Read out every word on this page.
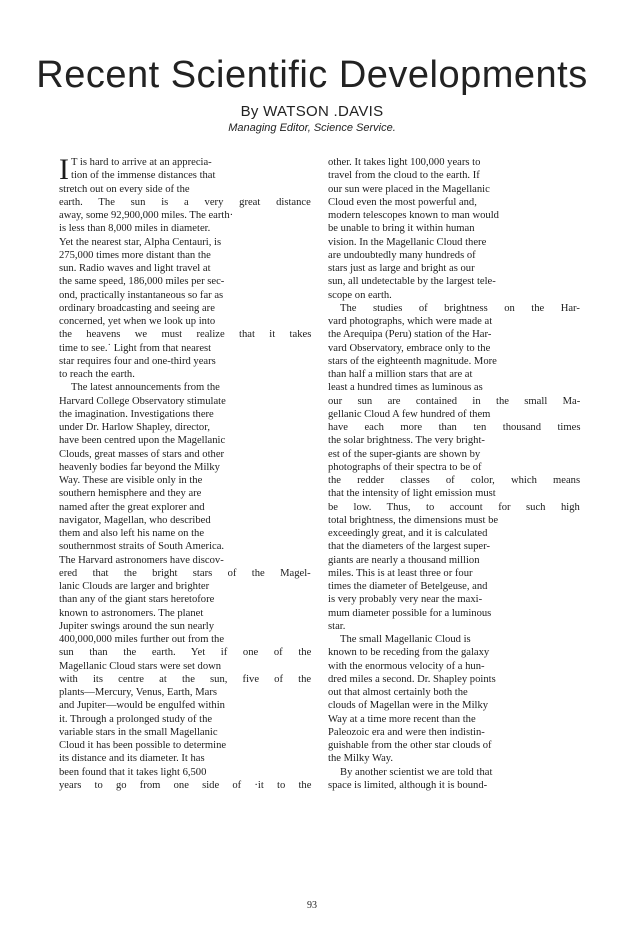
Recent Scientific Developments
By WATSON .DAVIS
Managing Editor, Science Service.
I T is hard to arrive at an apprecia-
tion of the immense distances that
stretch out on every side of the
earth. The sun is a very great distance
away, some 92,900,000 miles. The earth·
is less than 8,000 miles in diameter.
Yet the nearest star, Alpha Centauri, is
275,000 times more distant than the
sun. Radio waves and light travel at
the same speed, 186,000 miles per sec-
ond, practically instantaneous so far as
ordinary broadcasting and seeing are
concerned, yet when we look up into
the heavens we must realize that it takes
time to see.˙ Light from that nearest
star requires four and one-third years
to reach the earth.
The latest announcements from the
Harvard College Observatory stimulate
the imagination. Investigations there
under Dr. Harlow Shapley, director,
have been centred upon the Magellanic
Clouds, great masses of stars and other
heavenly bodies far beyond the Milky
Way. These are visible only in the
southern hemisphere and they are
named after the great explorer and
navigator, Magellan, who described
them and also left his name on the
southernmost straits of South America.
The Harvard astronomers have discov-
ered that the bright stars of the Magel-
lanic Clouds are larger and brighter
than any of the giant stars heretofore
known to astronomers. The planet
Jupiter swings around the sun nearly
400,000,000 miles further out from the
sun than the earth. Yet if one of the
Magellanic Cloud stars were set down
with its centre at the sun, five of the
plants—Mercury, Venus, Earth, Mars
and Jupiter—would be engulfed within
it. Through a prolonged study of the
variable stars in the small Magellanic
Cloud it has been possible to determine
its distance and its diameter. It has
been found that it takes light 6,500
years to go from one side of ·it to the
other. It takes light 100,000 years to
travel from the cloud to the earth. If
our sun were placed in the Magellanic
Cloud even the most powerful and,
modern telescopes known to man would
be unable to bring it within human
vision. In the Magellanic Cloud there
are undoubtedly many hundreds of
stars just as large and bright as our
sun, all undetectable by the largest tele-
scope on earth.
The studies of brightness on the Har-
vard photographs, which were made at
the Arequipa (Peru) station of the Har-
vard Observatory, embrace only to the
stars of the eighteenth magnitude. More
than half a million stars that are at
least a hundred times as luminous as
our sun are contained in the small Ma-
gellanic Cloud A few hundred of them
have each more than ten thousand times
the solar brightness. The very bright-
est of the super-giants are shown by
photographs of their spectra to be of
the redder classes of color, which means
that the intensity of light emission must
be low. Thus, to account for such high
total brightness, the dimensions must be
exceedingly great, and it is calculated
that the diameters of the largest super-
giants are nearly a thousand million
miles. This is at least three or four
times the diameter of Betelgeuse, and
is very probably very near the maxi-
mum diameter possible for a luminous
star.
The small Magellanic Cloud is
known to be receding from the galaxy
with the enormous velocity of a hun-
dred miles a second. Dr. Shapley points
out that almost certainly both the
clouds of Magellan were in the Milky
Way at a time more recent than the
Paleozoic era and were then indistin-
guishable from the other star clouds of
the Milky Way.
By another scientist we are told that
space is limited, although it is bound-
93
